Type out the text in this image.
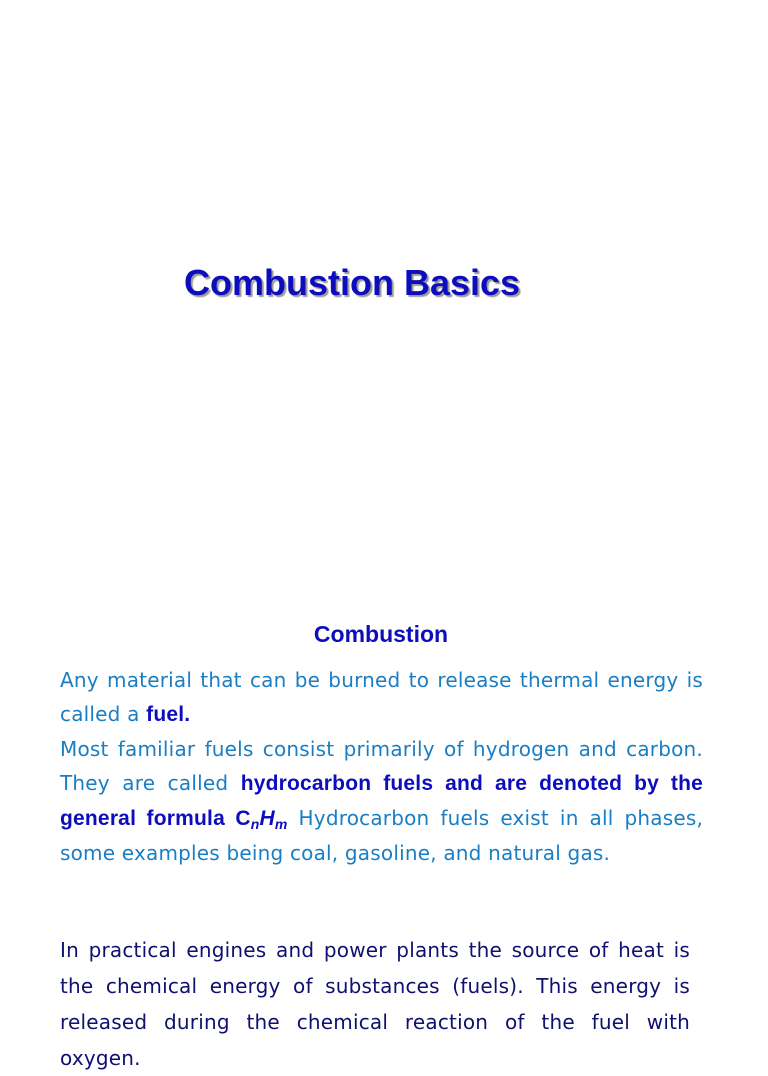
Combustion Basics
Combustion

Any material that can be burned to release thermal energy is called a fuel.
Most familiar fuels consist primarily of hydrogen and carbon. They are called hydrocarbon fuels and are denoted by the general formula $C_nH_m$ Hydrocarbon fuels exist in all phases, some examples being coal, gasoline, and natural gas.

In practical engines and power plants the source of heat is the chemical energy of substances (fuels). This energy is released during the chemical reaction of the fuel with oxygen.
